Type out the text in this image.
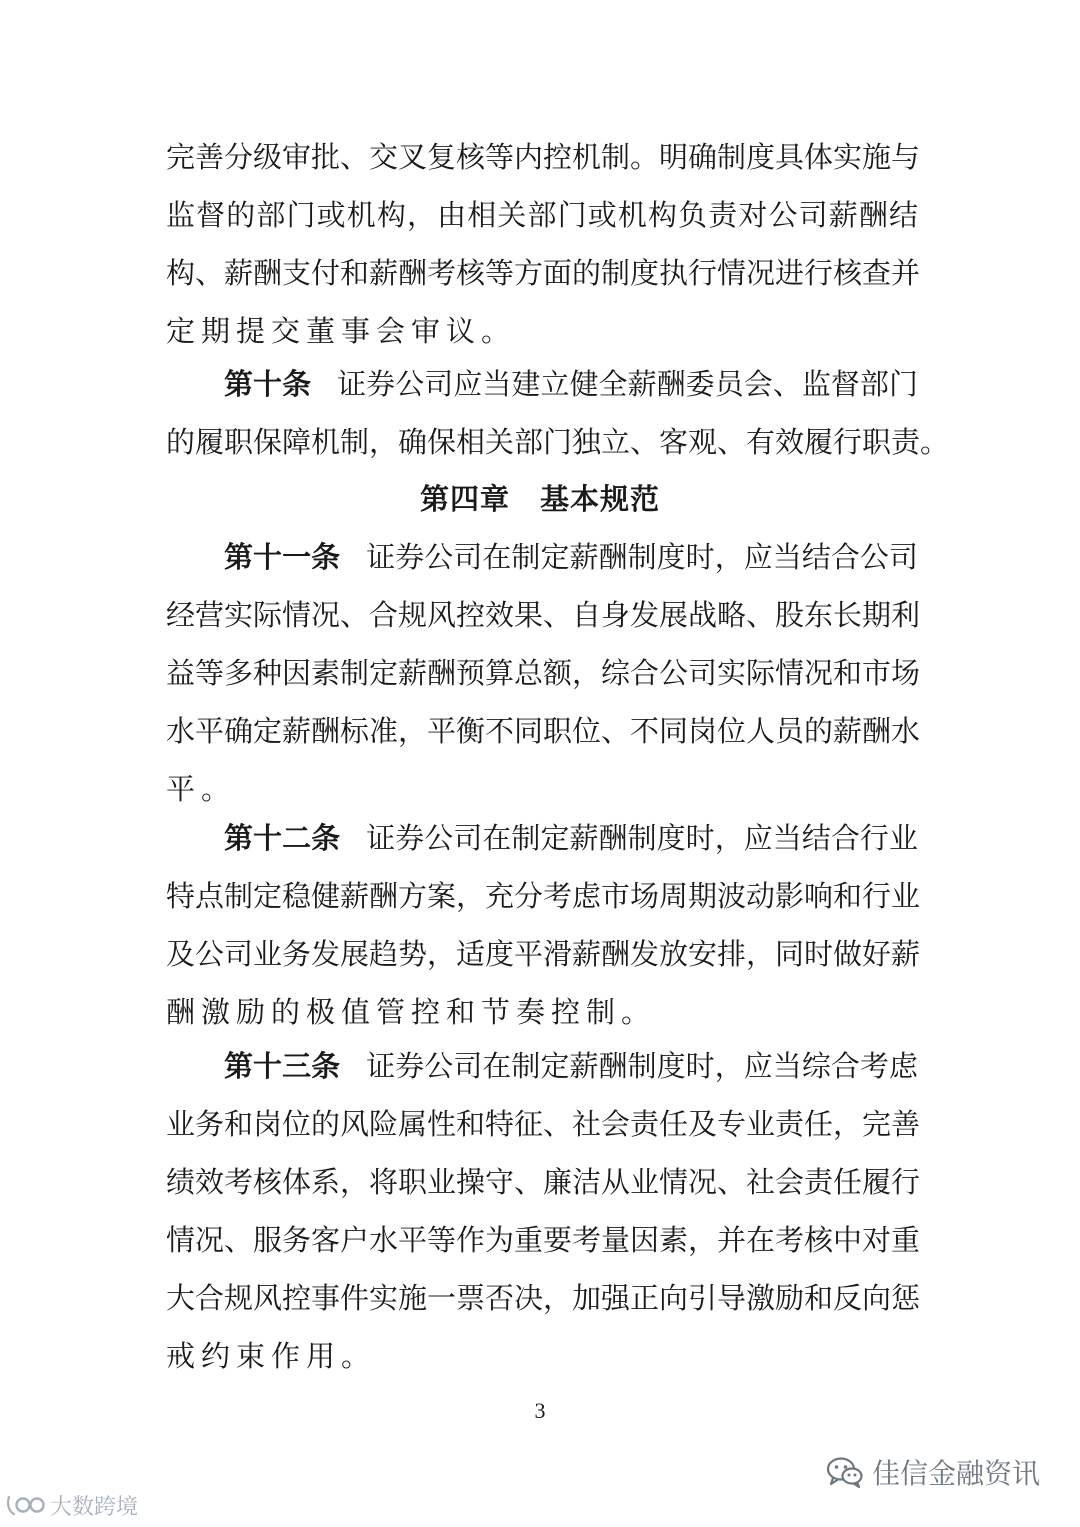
完善分级审批、交叉复核等内控机制。明确制度具体实施与
监督的部门或机构，由相关部门或机构负责对公司薪酬结
构、薪酬支付和薪酬考核等方面的制度执行情况进行核查并
定期提交董事会审议。
第十条 证券公司应当建立健全薪酬委员会、监督部门
的履职保障机制，确保相关部门独立、客观、有效履行职责。
第四章　基本规范
第十一条 证券公司在制定薪酬制度时，应当结合公司
经营实际情况、合规风控效果、自身发展战略、股东长期利
益等多种因素制定薪酬预算总额，综合公司实际情况和市场
水平确定薪酬标准，平衡不同职位、不同岗位人员的薪酬水
平。
第十二条 证券公司在制定薪酬制度时，应当结合行业
特点制定稳健薪酬方案，充分考虑市场周期波动影响和行业
及公司业务发展趋势，适度平滑薪酬发放安排，同时做好薪
酬激励的极值管控和节奏控制。
第十三条 证券公司在制定薪酬制度时，应当综合考虑
业务和岗位的风险属性和特征、社会责任及专业责任，完善
绩效考核体系，将职业操守、廉洁从业情况、社会责任履行
情况、服务客户水平等作为重要考量因素，并在考核中对重
大合规风控事件实施一票否决，加强正向引导激励和反向惩
戒约束作用。
3
佳信金融资讯
大数跨境
